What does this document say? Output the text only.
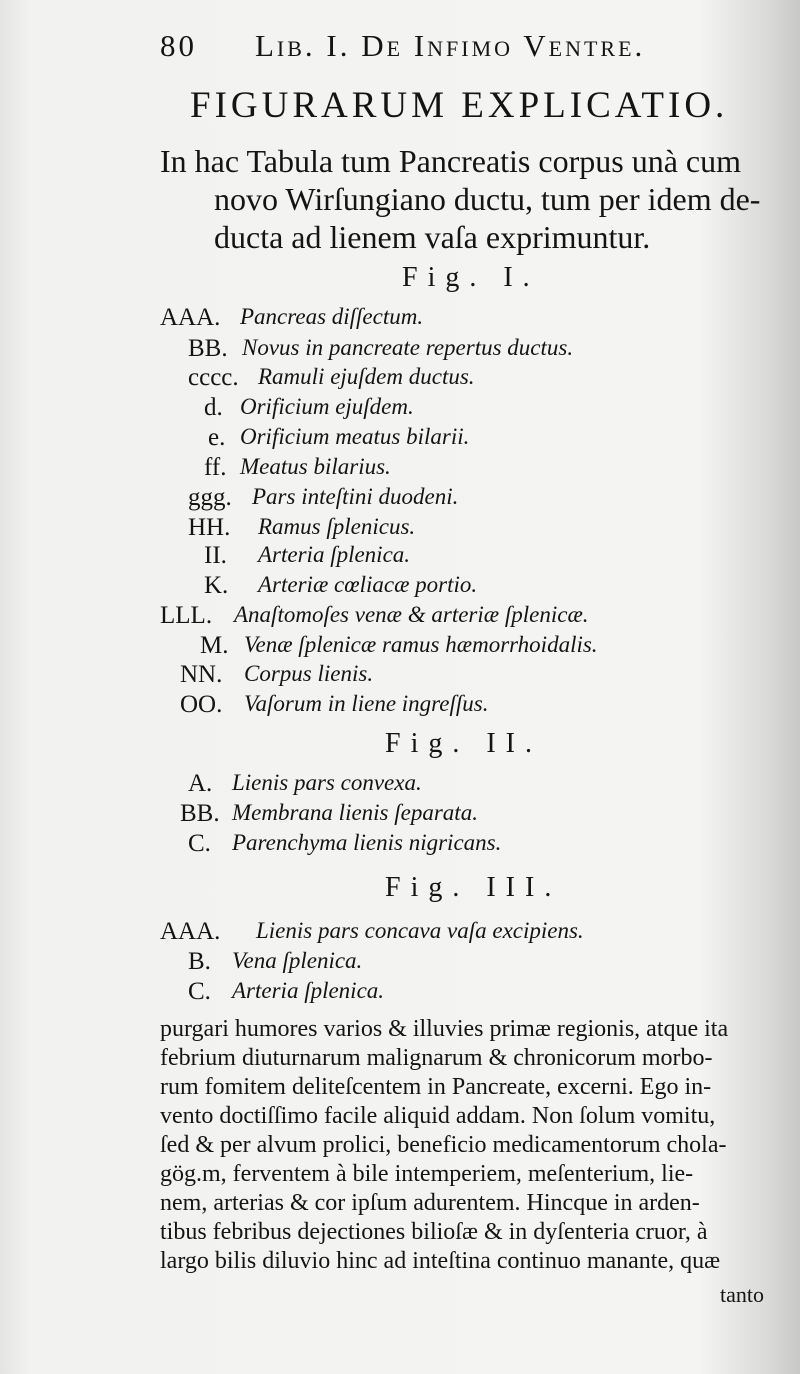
80 Lib. I. De Infimo Ventre.
FIGURARUM EXPLICATIO.
In hac Tabula tum Pancreatis corpus unà cum
novo Wirſungiano ductu, tum per idem de-
ducta ad lienem vaſa exprimuntur.
Fig. I.
AAA. Pancreas diſſectum.
BB. Novus in pancreate repertus ductus.
cccc. Ramuli ejuſdem ductus.
d. Orificium ejuſdem.
e. Orificium meatus bilarii.
ff. Meatus bilarius.
ggg. Pars inteſtini duodeni.
HH. Ramus ſplenicus.
II. Arteria ſplenica.
K. Arteriæ cœliacæ portio.
LLL. Anaſtomoſes venæ & arteriæ ſplenicæ.
M. Venæ ſplenicæ ramus hæmorrhoidalis.
NN. Corpus lienis.
OO. Vaſorum in liene ingreſſus.
Fig. II.
A. Lienis pars convexa.
BB. Membrana lienis ſeparata.
C. Parenchyma lienis nigricans.
Fig. III.
AAA. Lienis pars concava vaſa excipiens.
B. Vena ſplenica.
C. Arteria ſplenica.
purgari humores varios & illuvies primæ regionis, atque ita
febrium diuturnarum malignarum & chronicorum morbo-
rum fomitem deliteſcentem in Pancreate, excerni. Ego in-
vento doctiſſimo facile aliquid addam. Non ſolum vomitu,
ſed & per alvum prolici, beneficio medicamentorum chola-
gög.m, ferventem à bile intemperiem, meſenterium, lie-
nem, arterias & cor ipſum adurentem. Hincque in arden-
tibus febribus dejectiones bilioſæ & in dyſenteria cruor, à
largo bilis diluvio hinc ad inteſtina continuo manante, quæ
tanto
